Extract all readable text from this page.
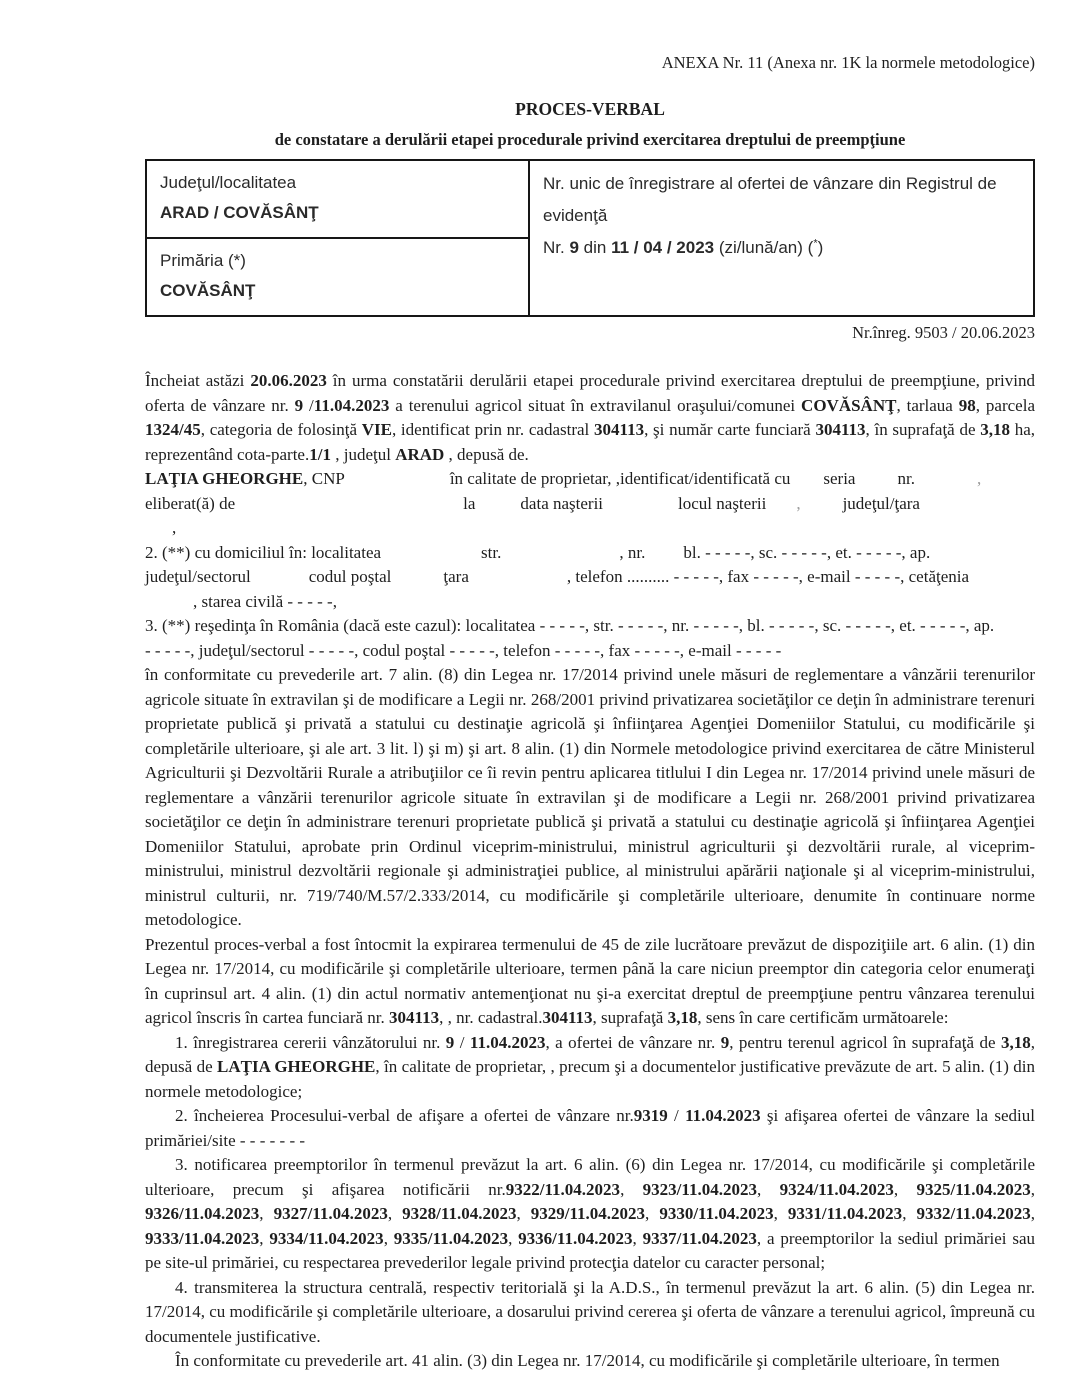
ANEXA Nr. 11 (Anexa nr. 1K la normele metodologice)
PROCES-VERBAL
de constatare a derulării etapei procedurale privind exercitarea dreptului de preempţiune
Judeţul/localitatea
ARAD / COVĂSÂNŢ

Nr. unic de înregistrare al ofertei de vânzare din Registrul de evidenţă
Nr. 9 din 11 / 04 / 2023 (zi/lună/an) (*)

Primăria (*)
COVĂSÂNŢ
Nr.înreg. 9503 / 20.06.2023

Încheiat astăzi 20.06.2023 în urma constatării derulării etapei procedurale privind exercitarea dreptului de preempţiune, privind oferta de vânzare nr. 9 /11.04.2023 a terenului agricol situat în extravilanul oraşului/comunei COVĂSÂNŢ, tarlaua 98, parcela 1324/45, categoria de folosinţă VIE, identificat prin nr. cadastral 304113, şi număr carte funciară 304113, în suprafaţă de 3,18 ha, reprezentând cota-parte.1/1 , judeţul ARAD , depusă de.

LAŢIA GHEORGHE, CNP	în calitate de proprietar, ,identificat/identificată cu seria nr.	,

eliberat(ă) de	la	data naşterii	locul naşterii , judeţul/ţara

,

2. (**) cu domiciliul în: localitatea	str.	, nr. bl. - - - - -, sc. - - - - -, et. - - - - -, ap.

judeţul/sectorul	codul poştal	ţara	, telefon .......... - - - - -, fax - - - - -, e-mail - - - - -, cetăţenia

, starea civilă - - - - -,

3. (**) reşedinţa în România (dacă este cazul): localitatea - - - - -, str. - - - - -, nr. - - - - -, bl. - - - - -, sc. - - - - -, et. - - - - -, ap.

- - - - -, judeţul/sectorul - - - - -, codul poştal - - - - -, telefon - - - - -, fax - - - - -, e-mail - - - - -

în conformitate cu prevederile art. 7 alin. (8) din Legea nr. 17/2014 privind unele măsuri de reglementare a vânzării terenurilor agricole situate în extravilan şi de modificare a Legii nr. 268/2001 privind privatizarea societăţilor ce deţin în administrare terenuri proprietate publică şi privată a statului cu destinaţie agricolă şi înfiinţarea Agenţiei Domeniilor Statului, cu modificările şi completările ulterioare, şi ale art. 3 lit. l) şi m) şi art. 8 alin. (1) din Normele metodologice privind exercitarea de către Ministerul Agriculturii şi Dezvoltării Rurale a atribuţiilor ce îi revin pentru aplicarea titlului I din Legea nr. 17/2014 privind unele măsuri de reglementare a vânzării terenurilor agricole situate în extravilan şi de modificare a Legii nr. 268/2001 privind privatizarea societăţilor ce deţin în administrare terenuri proprietate publică şi privată a statului cu destinaţie agricolă şi înfiinţarea Agenţiei Domeniilor Statului, aprobate prin Ordinul viceprim-ministrului, ministrul agriculturii şi dezvoltării rurale, al viceprim-ministrului, ministrul dezvoltării regionale şi administraţiei publice, al ministrului apărării naţionale şi al viceprim-ministrului, ministrul culturii, nr. 719/740/M.57/2.333/2014, cu modificările şi completările ulterioare, denumite în continuare norme metodologice.

Prezentul proces-verbal a fost întocmit la expirarea termenului de 45 de zile lucrătoare prevăzut de dispoziţiile art. 6 alin. (1) din Legea nr. 17/2014, cu modificările şi completările ulterioare, termen până la care niciun preemptor din categoria celor enumeraţi în cuprinsul art. 4 alin. (1) din actul normativ antemenţionat nu şi-a exercitat dreptul de preempţiune pentru vânzarea terenului agricol înscris în cartea funciară nr. 304113, , nr. cadastral.304113, suprafaţă 3,18, sens în care certificăm următoarele:

1. înregistrarea cererii vânzătorului nr. 9 / 11.04.2023, a ofertei de vânzare nr. 9, pentru terenul agricol în suprafaţă de 3,18, depusă de LAŢIA GHEORGHE, în calitate de proprietar, , precum şi a documentelor justificative prevăzute de art. 5 alin. (1) din normele metodologice;

2. încheierea Procesului-verbal de afişare a ofertei de vânzare nr.9319 / 11.04.2023 şi afişarea ofertei de vânzare la sediul primăriei/site - - - - - - -

3. notificarea preemptorilor în termenul prevăzut la art. 6 alin. (6) din Legea nr. 17/2014, cu modificările şi completările ulterioare, precum şi afişarea notificării nr.9322/11.04.2023, 9323/11.04.2023, 9324/11.04.2023, 9325/11.04.2023, 9326/11.04.2023, 9327/11.04.2023, 9328/11.04.2023, 9329/11.04.2023, 9330/11.04.2023, 9331/11.04.2023, 9332/11.04.2023, 9333/11.04.2023, 9334/11.04.2023, 9335/11.04.2023, 9336/11.04.2023, 9337/11.04.2023, a preemptorilor la sediul primăriei sau pe site-ul primăriei, cu respectarea prevederilor legale privind protecţia datelor cu caracter personal;

4. transmiterea la structura centrală, respectiv teritorială şi la A.D.S., în termenul prevăzut la art. 6 alin. (5) din Legea nr. 17/2014, cu modificările şi completările ulterioare, a dosarului privind cererea şi oferta de vânzare a terenului agricol, împreună cu documentele justificative.

În conformitate cu prevederile art. 41 alin. (3) din Legea nr. 17/2014, cu modificările şi completările ulterioare, în termen
